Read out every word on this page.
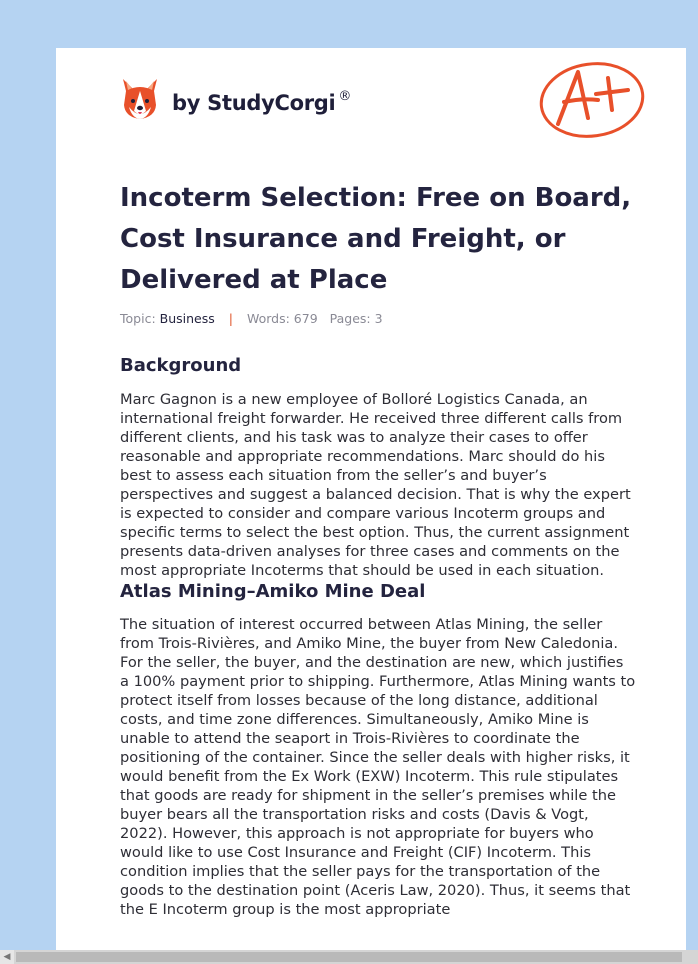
by StudyCorgi ®
Incoterm Selection: Free on Board, Cost Insurance and Freight, or Delivered at Place
Topic: Business | Words: 679 Pages: 3
Background

Marc Gagnon is a new employee of Bolloré Logistics Canada, an international freight forwarder. He received three different calls from different clients, and his task was to analyze their cases to offer reasonable and appropriate recommendations. Marc should do his best to assess each situation from the seller’s and buyer’s perspectives and suggest a balanced decision. That is why the expert is expected to consider and compare various Incoterm groups and specific terms to select the best option. Thus, the current assignment presents data-driven analyses for three cases and comments on the most appropriate Incoterms that should be used in each situation.

Atlas Mining–Amiko Mine Deal

The situation of interest occurred between Atlas Mining, the seller from Trois-Rivières, and Amiko Mine, the buyer from New Caledonia. For the seller, the buyer, and the destination are new, which justifies a 100% payment prior to shipping. Furthermore, Atlas Mining wants to protect itself from losses because of the long distance, additional costs, and time zone differences. Simultaneously, Amiko Mine is unable to attend the seaport in Trois-Rivières to coordinate the positioning of the container. Since the seller deals with higher risks, it would benefit from the Ex Work (EXW) Incoterm. This rule stipulates that goods are ready for shipment in the seller’s premises while the buyer bears all the transportation risks and costs (Davis & Vogt, 2022). However, this approach is not appropriate for buyers who would like to use Cost Insurance and Freight (CIF) Incoterm. This condition implies that the seller pays for the transportation of the goods to the destination point (Aceris Law, 2020). Thus, it seems that the E Incoterm group is the most appropriate

◀
